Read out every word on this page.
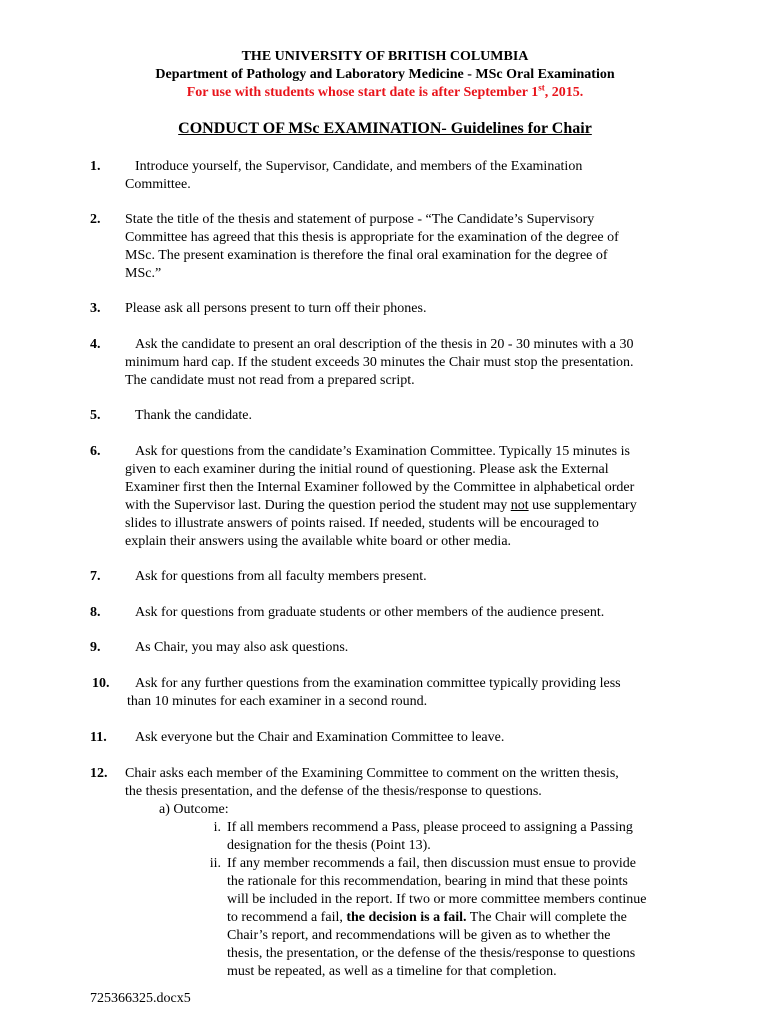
THE UNIVERSITY OF BRITISH COLUMBIA
Department of Pathology and Laboratory Medicine - MSc Oral Examination
For use with students whose start date is after September 1st, 2015.
CONDUCT OF MSc EXAMINATION- Guidelines for Chair
1.	Introduce yourself, the Supervisor, Candidate, and members of the Examination
Committee.
2. State the title of the thesis and statement of purpose - “The Candidate’s Supervisory
Committee has agreed that this thesis is appropriate for the examination of the degree of
MSc. The present examination is therefore the final oral examination for the degree of
MSc.”
3. Please ask all persons present to turn off their phones.
4.	Ask the candidate to present an oral description of the thesis in 20 - 30 minutes with a 30
minimum hard cap. If the student exceeds 30 minutes the Chair must stop the presentation.
The candidate must not read from a prepared script.
5.	Thank the candidate.
6.	Ask for questions from the candidate’s Examination Committee. Typically 15 minutes is
given to each examiner during the initial round of questioning. Please ask the External
Examiner first then the Internal Examiner followed by the Committee in alphabetical order
with the Supervisor last. During the question period the student may not use supplementary
slides to illustrate answers of points raised. If needed, students will be encouraged to
explain their answers using the available white board or other media.
7.	Ask for questions from all faculty members present.
8.	Ask for questions from graduate students or other members of the audience present.
9.	As Chair, you may also ask questions.
10.	Ask for any further questions from the examination committee typically providing less
than 10 minutes for each examiner in a second round.
11.	Ask everyone but the Chair and Examination Committee to leave.
12. Chair asks each member of the Examining Committee to comment on the written thesis,
the thesis presentation, and the defense of the thesis/response to questions.
a) Outcome:
i. If all members recommend a Pass, please proceed to assigning a Passing
designation for the thesis (Point 13).
ii. If any member recommends a fail, then discussion must ensue to provide
the rationale for this recommendation, bearing in mind that these points
will be included in the report. If two or more committee members continue
to recommend a fail, the decision is a fail. The Chair will complete the
Chair’s report, and recommendations will be given as to whether the
thesis, the presentation, or the defense of the thesis/response to questions
must be repeated, as well as a timeline for that completion.
725366325.docx5
